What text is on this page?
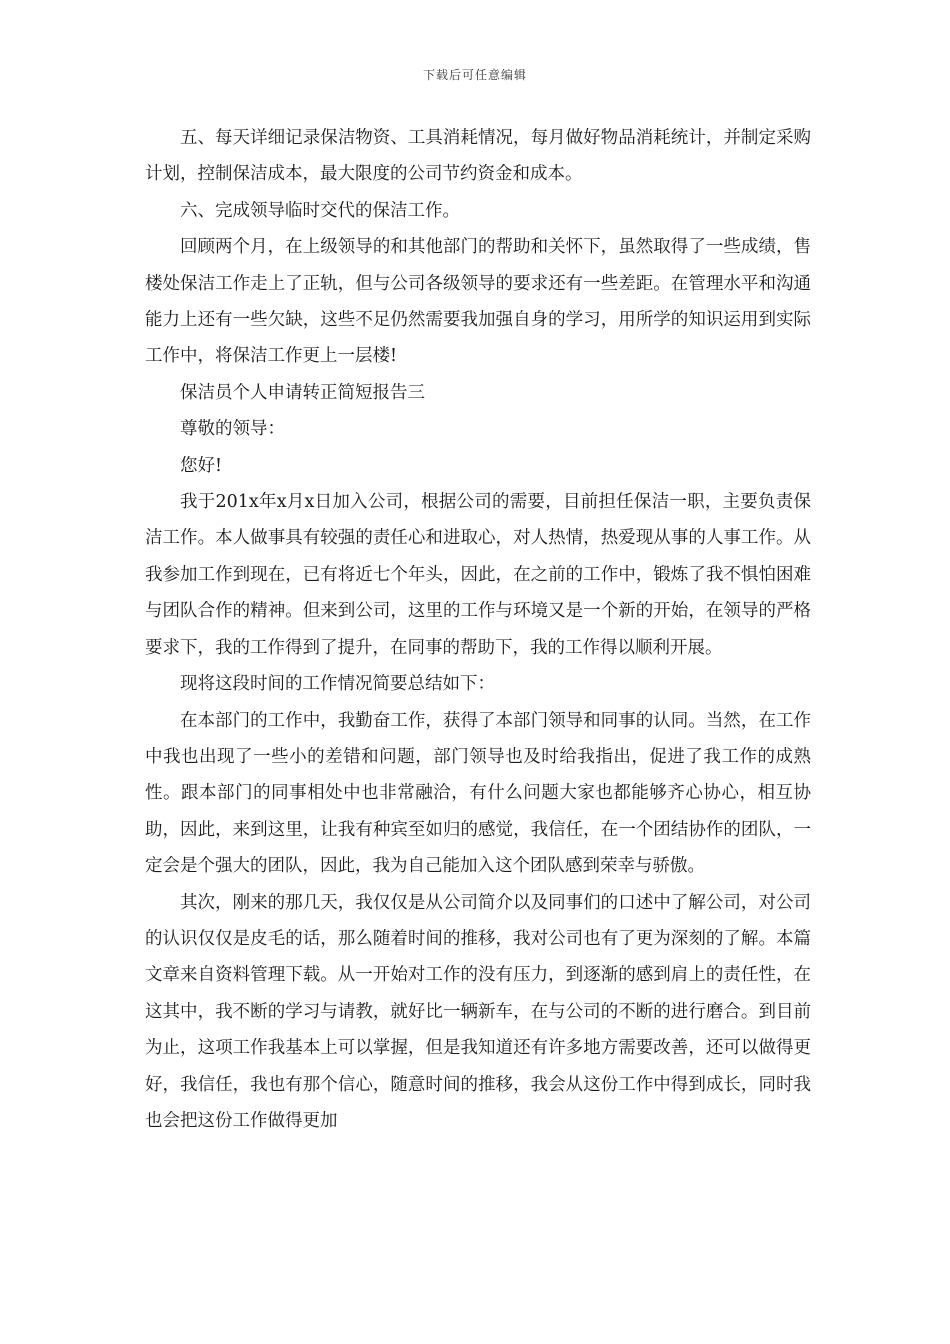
下载后可任意编辑

五、每天详细记录保洁物资、工具消耗情况，每月做好物品消耗统计，并制定采购计划，控制保洁成本，最大限度的公司节约资金和成本。

六、完成领导临时交代的保洁工作。

回顾两个月，在上级领导的和其他部门的帮助和关怀下，虽然取得了一些成绩，售楼处保洁工作走上了正轨，但与公司各级领导的要求还有一些差距。在管理水平和沟通能力上还有一些欠缺，这些不足仍然需要我加强自身的学习，用所学的知识运用到实际工作中，将保洁工作更上一层楼!

保洁员个人申请转正简短报告三

尊敬的领导：

您好!

我于201x年x月x日加入公司，根据公司的需要，目前担任保洁一职，主要负责保洁工作。本人做事具有较强的责任心和进取心，对人热情，热爱现从事的人事工作。从我参加工作到现在，已有将近七个年头，因此，在之前的工作中，锻炼了我不惧怕困难与团队合作的精神。但来到公司，这里的工作与环境又是一个新的开始，在领导的严格要求下，我的工作得到了提升，在同事的帮助下，我的工作得以顺利开展。

现将这段时间的工作情况简要总结如下：

在本部门的工作中，我勤奋工作，获得了本部门领导和同事的认同。当然，在工作中我也出现了一些小的差错和问题，部门领导也及时给我指出，促进了我工作的成熟性。跟本部门的同事相处中也非常融洽，有什么问题大家也都能够齐心协心，相互协助，因此，来到这里，让我有种宾至如归的感觉，我信任，在一个团结协作的团队，一定会是个强大的团队，因此，我为自己能加入这个团队感到荣幸与骄傲。

其次，刚来的那几天，我仅仅是从公司简介以及同事们的口述中了解公司，对公司的认识仅仅是皮毛的话，那么随着时间的推移，我对公司也有了更为深刻的了解。本篇文章来自资料管理下载。从一开始对工作的没有压力，到逐渐的感到肩上的责任性，在这其中，我不断的学习与请教，就好比一辆新车，在与公司的不断的进行磨合。到目前为止，这项工作我基本上可以掌握，但是我知道还有许多地方需要改善，还可以做得更好，我信任，我也有那个信心，随意时间的推移，我会从这份工作中得到成长，同时我也会把这份工作做得更加
